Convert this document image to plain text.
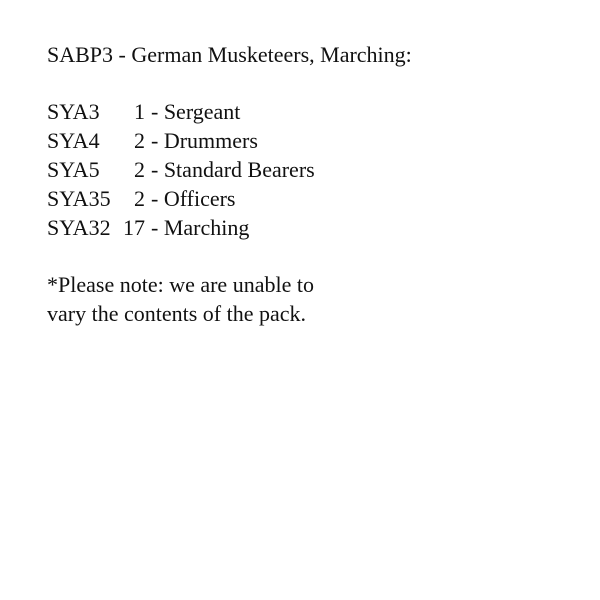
SABP3 - German Musketeers, Marching:
SYA3	1 - Sergeant
SYA4	2 - Drummers
SYA5	2 - Standard Bearers
SYA35	2 - Officers
SYA32 17 - Marching

*Please note: we are unable to

vary the contents of the pack.
